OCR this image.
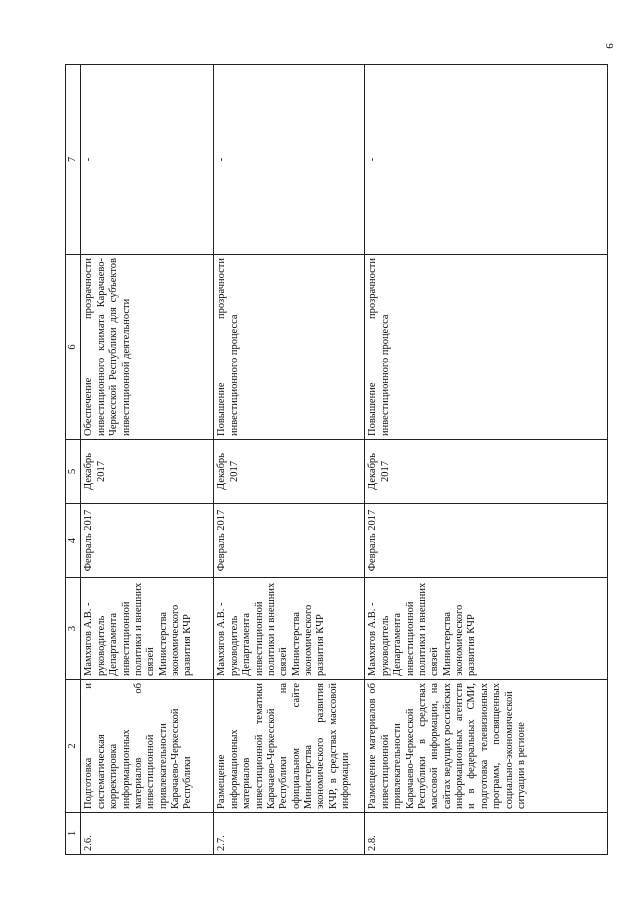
9
1	2	3	4	5	6	7
2.6.	Подготовка и систематическая корректировка информационных материалов об инвестиционной привлекательности Карачаево-Черкесской Республики	Мамхягов А.В. - руководитель Департамента инвестиционной политики и внешних связей Министерства экономического развития КЧР	Февраль 2017	Декабрь 2017	Обеспечение прозрачности инвестиционного климата Карачаево-Черкесской Республики для субъектов инвестиционной деятельности	-
2.7.	Размещение информационных материалов инвестиционной тематики Карачаево-Черкесской Республики на официальном сайте Министерства экономического развития КЧР, в средствах массовой информации	Мамхягов А.В. - руководитель Департамента инвестиционной политики и внешних связей Министерства экономического развития КЧР	Февраль 2017	Декабрь 2017	Повышение прозрачности инвестиционного процесса	-
2.8.	Размещение материалов об инвестиционной привлекательности Карачаево-Черкесской Республики в средствах массовой информации, на сайтах ведущих российских информационных агентств и в федеральных СМИ, подготовка телевизионных программ, посвященных социально-экономической ситуации в регионе	Мамхягов А.В. - руководитель Департамента инвестиционной политики и внешних связей Министерства экономического развития КЧР	Февраль 2017	Декабрь 2017	Повышение прозрачности инвестиционного процесса	-
